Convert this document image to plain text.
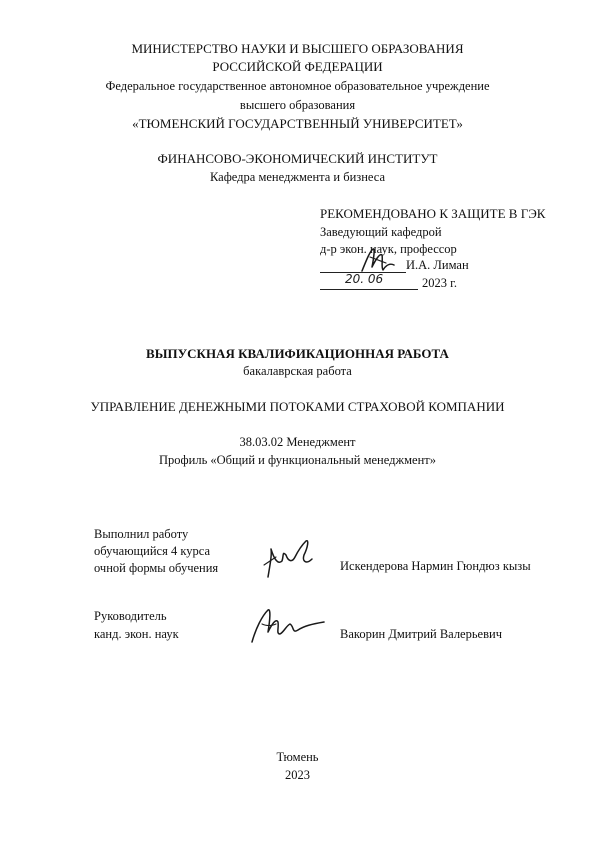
МИНИСТЕРСТВО НАУКИ И ВЫСШЕГО ОБРАЗОВАНИЯ
РОССИЙСКОЙ ФЕДЕРАЦИИ
Федеральное государственное автономное образовательное учреждение
высшего образования
«ТЮМЕНСКИЙ ГОСУДАРСТВЕННЫЙ УНИВЕРСИТЕТ»
ФИНАНСОВО-ЭКОНОМИЧЕСКИЙ ИНСТИТУТ
Кафедра менеджмента и бизнеса
РЕКОМЕНДОВАНО К ЗАЩИТЕ В ГЭК
Заведующий кафедрой
д-р экон. наук, профессор
И.А. Лиман
20. 06	2023 г.
ВЫПУСКНАЯ КВАЛИФИКАЦИОННАЯ РАБОТА
бакалаврская работа
УПРАВЛЕНИЕ ДЕНЕЖНЫМИ ПОТОКАМИ СТРАХОВОЙ КОМПАНИИ
38.03.02 Менеджмент
Профиль «Общий и функциональный менеджмент»
Выполнил работу
обучающийся 4 курса
очной формы обучения	Искендерова Нармин Гюндюз кызы
Руководитель
канд. экон. наук	Вакорин Дмитрий Валерьевич
Тюмень
2023
